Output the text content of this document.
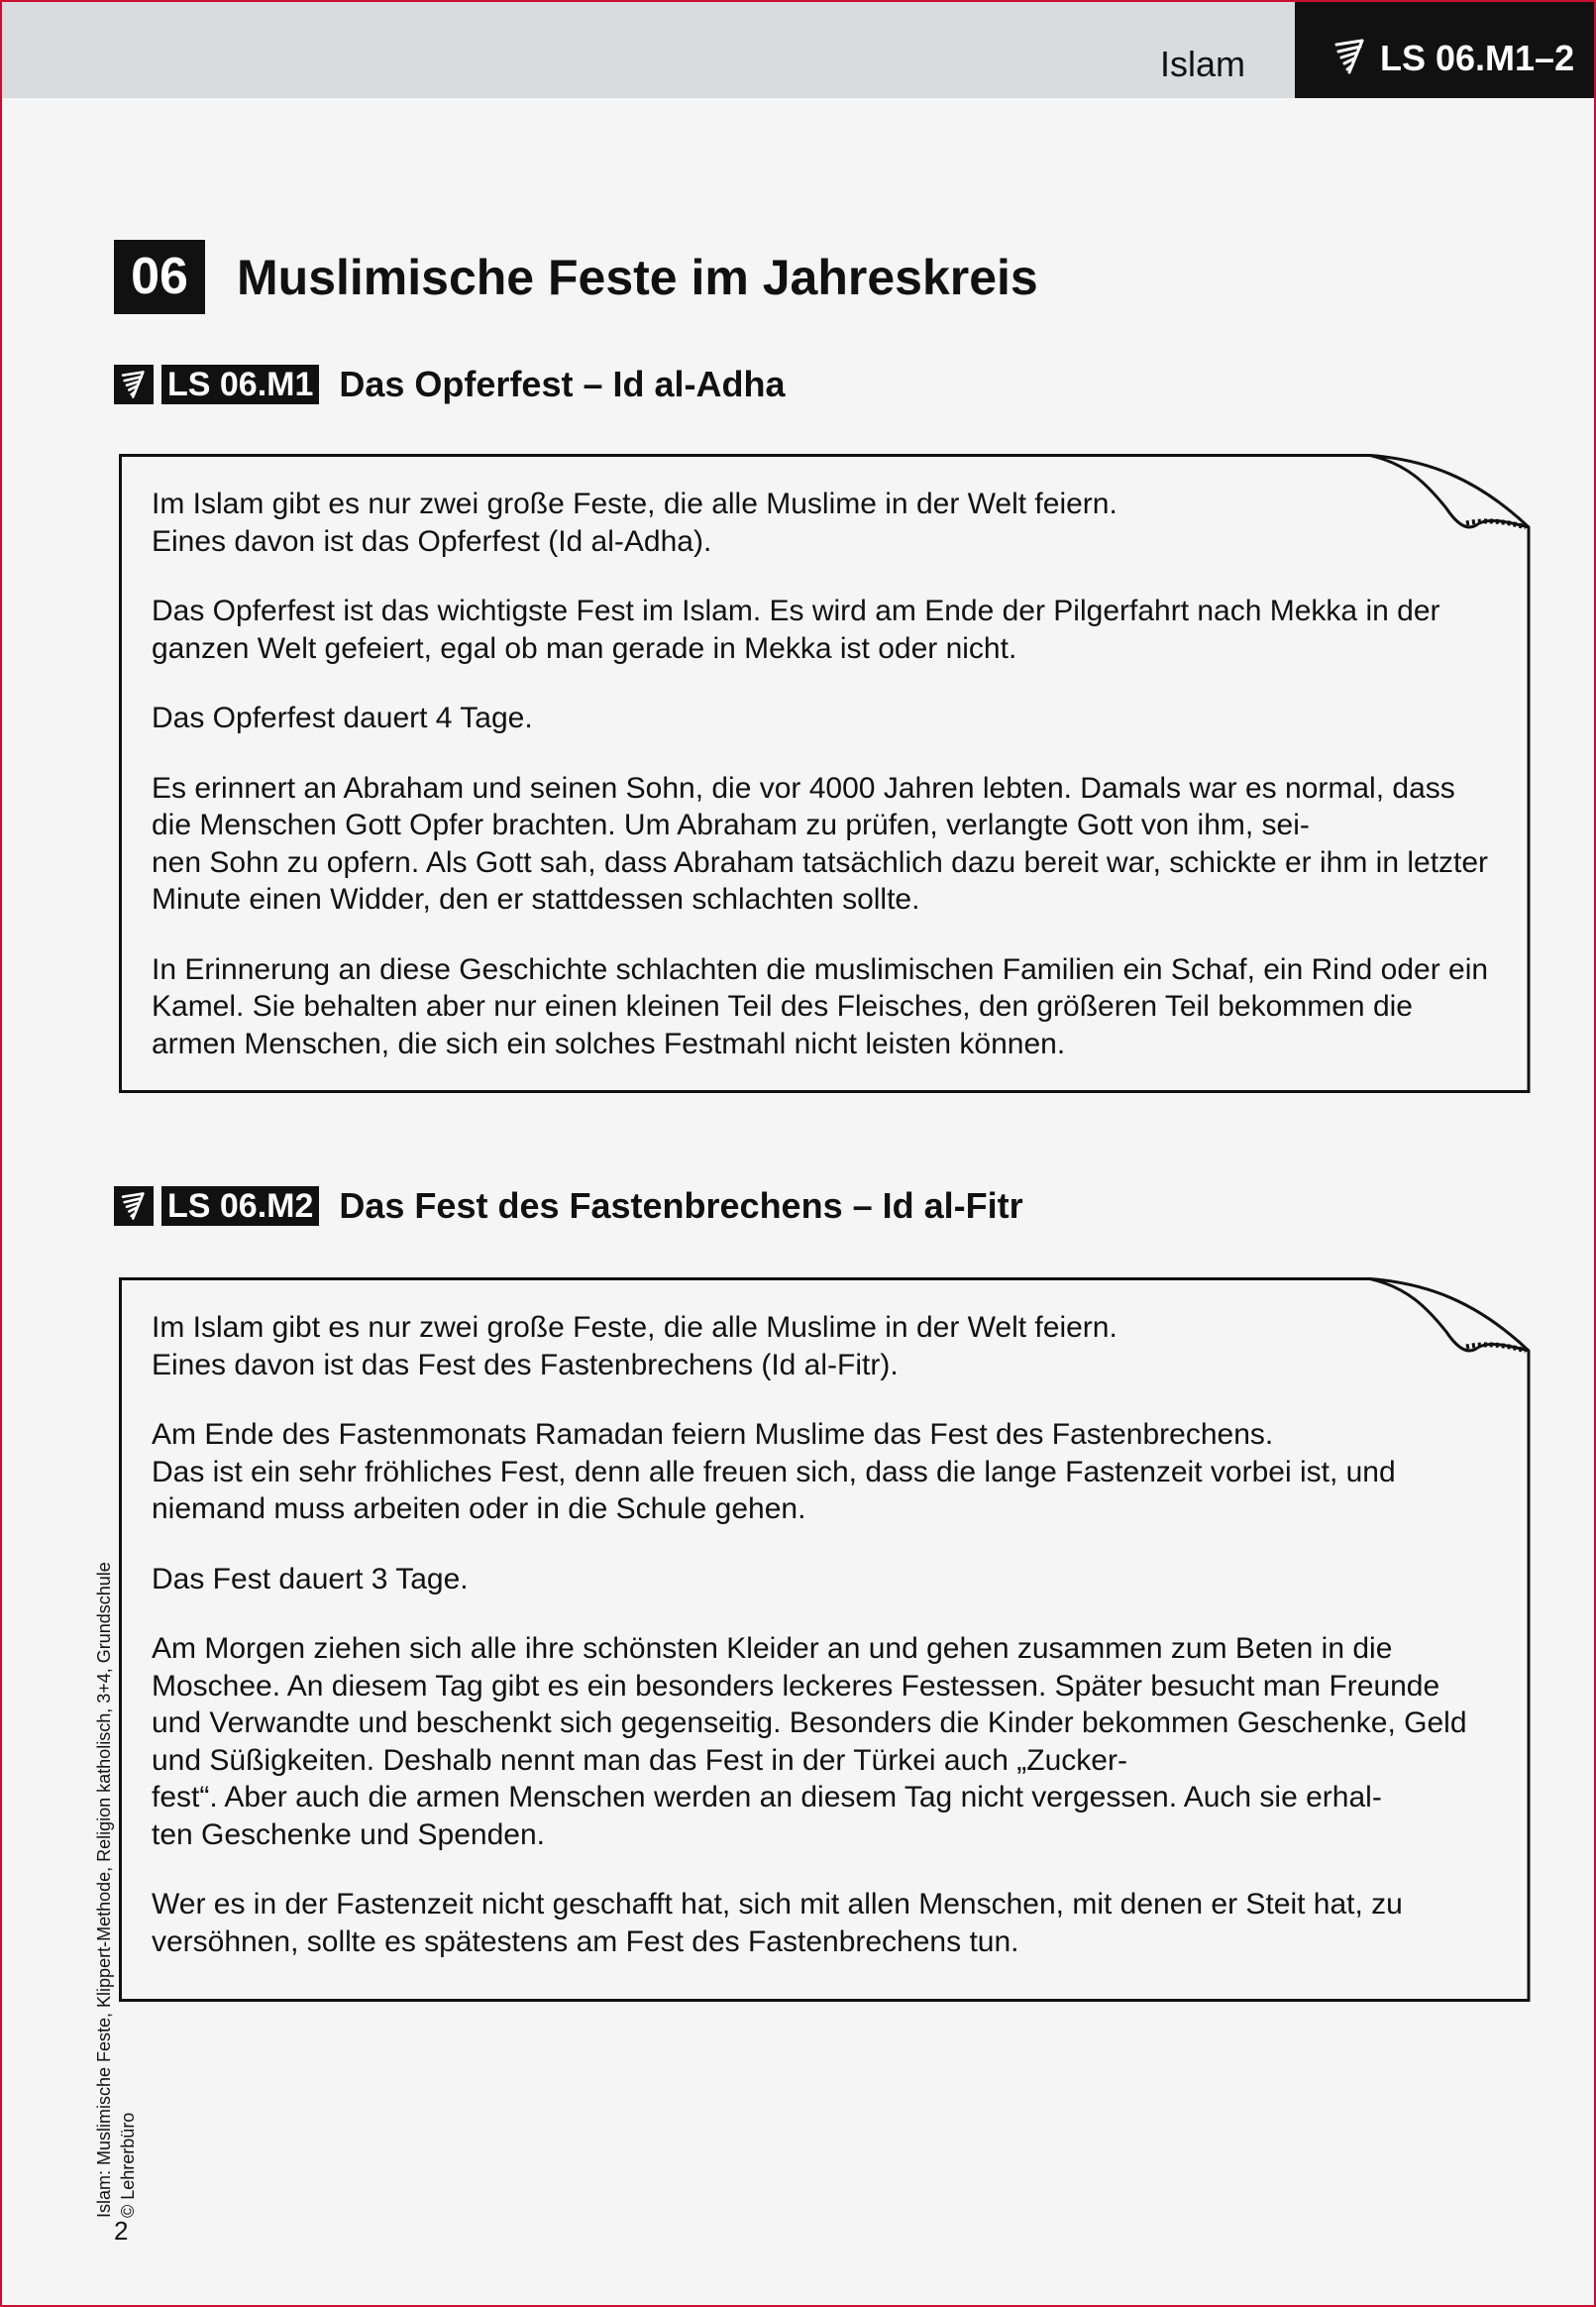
Islam	LS 06.M1–2
06 Muslimische Feste im Jahreskreis
LS 06.M1 Das Opferfest – Id al-Adha

Im Islam gibt es nur zwei große Feste, die alle Muslime in der Welt feiern.
Eines davon ist das Opferfest (Id al-Adha).

Das Opferfest ist das wichtigste Fest im Islam. Es wird am Ende der Pilgerfahrt nach Mekka in der ganzen Welt gefeiert, egal ob man gerade in Mekka ist oder nicht.

Das Opferfest dauert 4 Tage.

Es erinnert an Abraham und seinen Sohn, die vor 4000 Jahren lebten. Damals war es normal, dass die Menschen Gott Opfer brachten. Um Abraham zu prüfen, verlangte Gott von ihm, sei-
nen Sohn zu opfern. Als Gott sah, dass Abraham tatsächlich dazu bereit war, schickte er ihm in letzter Minute einen Widder, den er stattdessen schlachten sollte.

In Erinnerung an diese Geschichte schlachten die muslimischen Familien ein Schaf, ein Rind oder ein Kamel. Sie behalten aber nur einen kleinen Teil des Fleisches, den größeren Teil bekommen die armen Menschen, die sich ein solches Festmahl nicht leisten können.

LS 06.M2 Das Fest des Fastenbrechens – Id al-Fitr

Im Islam gibt es nur zwei große Feste, die alle Muslime in der Welt feiern.
Eines davon ist das Fest des Fastenbrechens (Id al-Fitr).

Am Ende des Fastenmonats Ramadan feiern Muslime das Fest des Fastenbrechens.
Das ist ein sehr fröhliches Fest, denn alle freuen sich, dass die lange Fastenzeit vorbei ist, und niemand muss arbeiten oder in die Schule gehen.

Das Fest dauert 3 Tage.

Am Morgen ziehen sich alle ihre schönsten Kleider an und gehen zusammen zum Beten in die Moschee. An diesem Tag gibt es ein besonders leckeres Festessen. Später besucht man Freunde und Verwandte und beschenkt sich gegenseitig. Besonders die Kinder bekommen Geschenke, Geld und Süßigkeiten. Deshalb nennt man das Fest in der Türkei auch „Zucker-
fest“. Aber auch die armen Menschen werden an diesem Tag nicht vergessen. Auch sie erhal-
ten Geschenke und Spenden.

Wer es in der Fastenzeit nicht geschafft hat, sich mit allen Menschen, mit denen er Steit hat, zu versöhnen, sollte es spätestens am Fest des Fastenbrechens tun.

Islam: Muslimische Feste, Klippert-Methode, Religion katholisch, 3+4, Grundschule © Lehrerbüro
2
